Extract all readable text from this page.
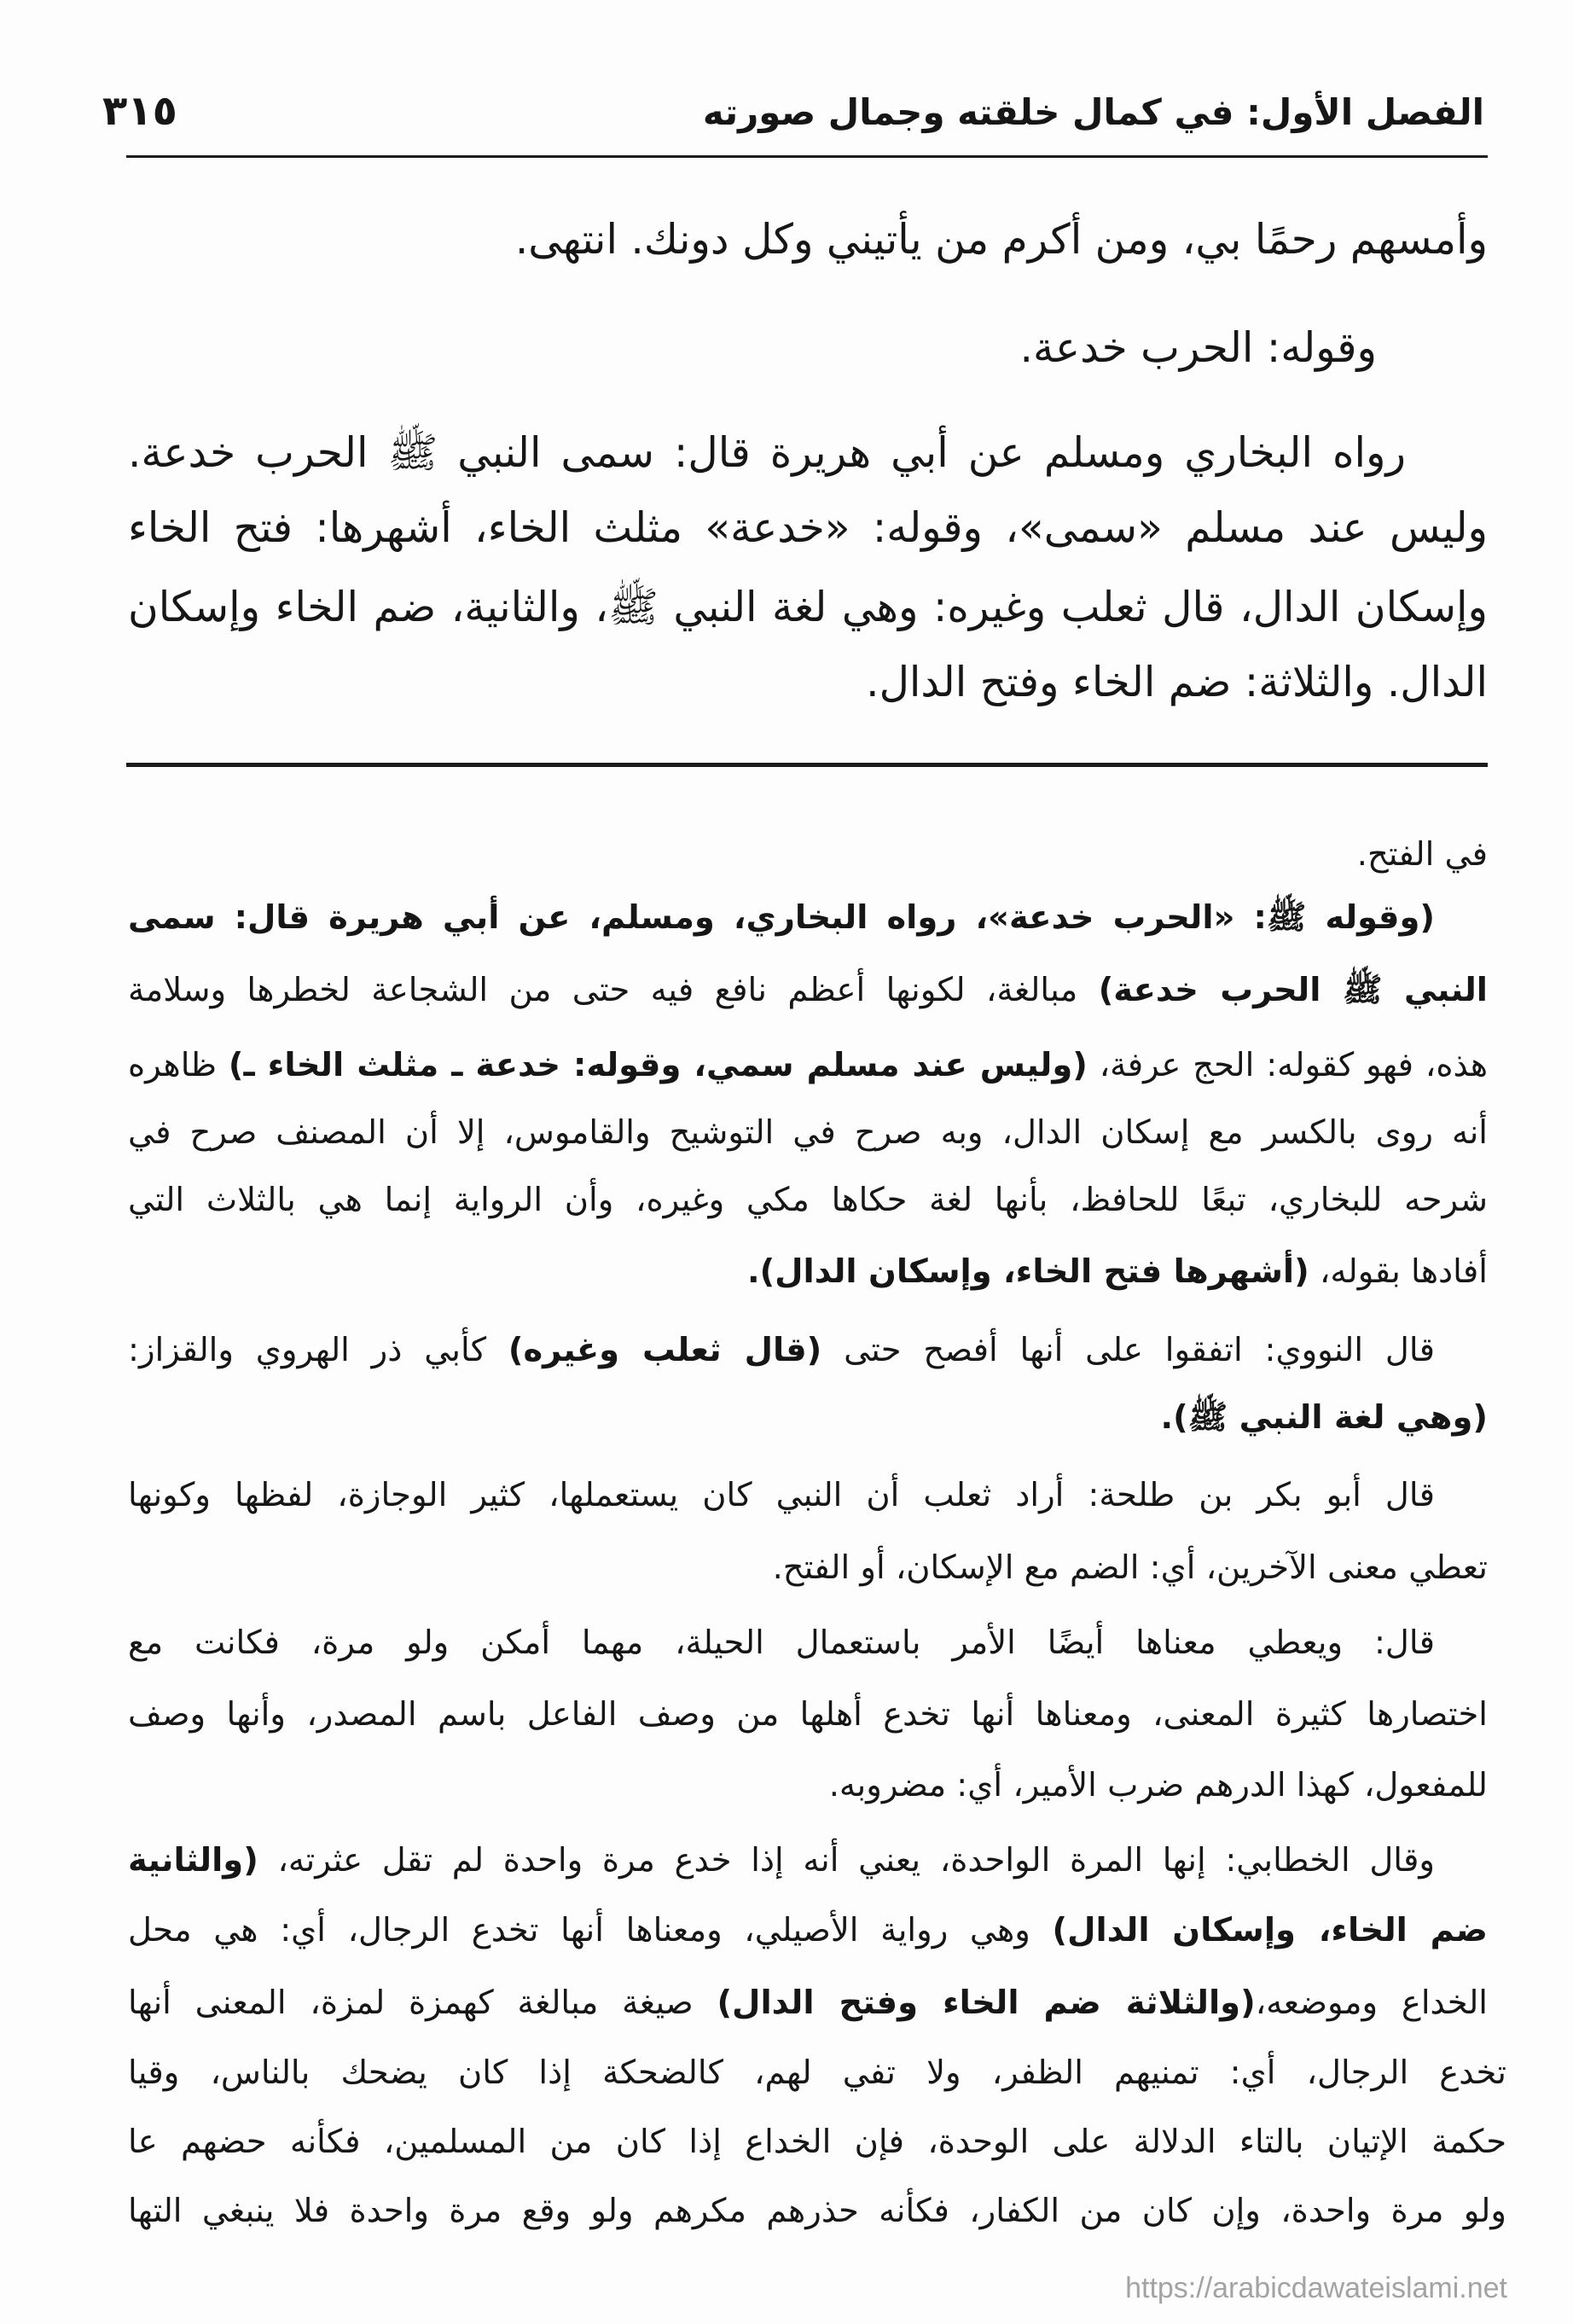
الفصل الأول: في كمال خلقته وجمال صورته
٣١٥
وأمسهم رحمًا بي، ومن أكرم من يأتيني وكل دونك. انتهى.
وقوله: الحرب خدعة.
رواه البخاري ومسلم عن أبي هريرة قال: سمى النبي ﷺ الحرب خدعة.
وليس عند مسلم «سمى»، وقوله: «خدعة» مثلث الخاء، أشهرها: فتح الخاء
وإسكان الدال، قال ثعلب وغيره: وهي لغة النبي ﷺ، والثانية، ضم الخاء وإسكان
الدال. والثلاثة: ضم الخاء وفتح الدال.
في الفتح.
(وقوله ﷺ: «الحرب خدعة»، رواه البخاري، ومسلم، عن أبي هريرة قال: سمى
النبي ﷺ الحرب خدعة) مبالغة، لكونها أعظم نافع فيه حتى من الشجاعة لخطرها وسلامة
هذه، فهو كقوله: الحج عرفة، (وليس عند مسلم سمي، وقوله: خدعة ـ مثلث الخاء ـ) ظاهره
أنه روى بالكسر مع إسكان الدال، وبه صرح في التوشيح والقاموس، إلا أن المصنف صرح في
شرحه للبخاري، تبعًا للحافظ، بأنها لغة حكاها مكي وغيره، وأن الرواية إنما هي بالثلاث التي
أفادها بقوله، (أشهرها فتح الخاء، وإسكان الدال).
قال النووي: اتفقوا على أنها أفصح حتى (قال ثعلب وغيره) كأبي ذر الهروي والقزاز:
(وهي لغة النبي ﷺ).
قال أبو بكر بن طلحة: أراد ثعلب أن النبي كان يستعملها، كثير الوجازة، لفظها وكونها
تعطي معنى الآخرين، أي: الضم مع الإسكان، أو الفتح.
قال: ويعطي معناها أيضًا الأمر باستعمال الحيلة، مهما أمكن ولو مرة، فكانت مع
اختصارها كثيرة المعنى، ومعناها أنها تخدع أهلها من وصف الفاعل باسم المصدر، وأنها وصف
للمفعول، كهذا الدرهم ضرب الأمير، أي: مضروبه.
وقال الخطابي: إنها المرة الواحدة، يعني أنه إذا خدع مرة واحدة لم تقل عثرته، (والثانية
ضم الخاء، وإسكان الدال) وهي رواية الأصيلي، ومعناها أنها تخدع الرجال، أي: هي محل
الخداع وموضعه،(والثلاثة ضم الخاء وفتح الدال) صيغة مبالغة كهمزة لمزة، المعنى أنها
تخدع الرجال، أي: تمنيهم الظفر، ولا تفي لهم، كالضحكة إذا كان يضحك بالناس، وقيا
حكمة الإتيان بالتاء الدلالة على الوحدة، فإن الخداع إذا كان من المسلمين، فكأنه حضهم عا
ولو مرة واحدة، وإن كان من الكفار، فكأنه حذرهم مكرهم ولو وقع مرة واحدة فلا ينبغي التها
https://arabicdawateislami.net
